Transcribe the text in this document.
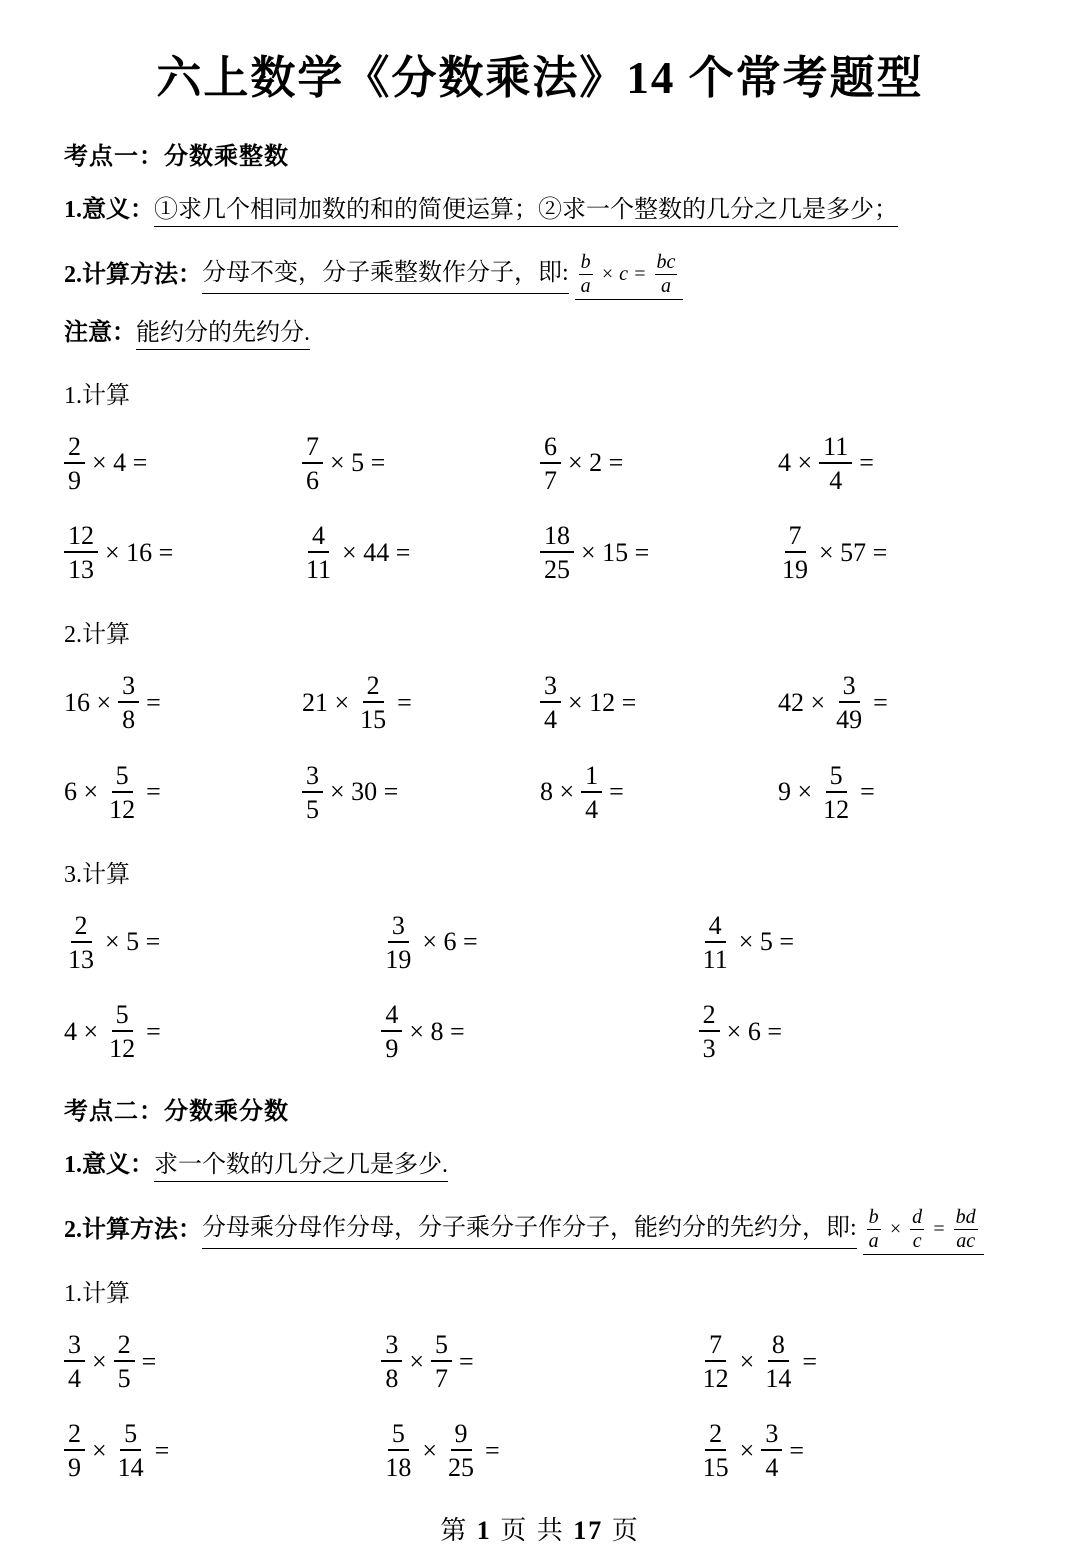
六上数学《分数乘法》14 个常考题型

考点一：分数乘整数

1.意义：①求几个相同加数的和的简便运算；②求一个整数的几分之几是多少；

2.计算方法： 分母不变，分子乘整数作分子，即: $\frac{b}{a} \times c = \frac{bc}{a}$

注意：能约分的先约分.

1.计算

$\frac{2}{9} \times 4$ =	$\frac{7}{6} \times 5$ =	$\frac{6}{7} \times 2$ =	$4 \times \frac{11}{4}$ =
$\frac{12}{13} \times 16$ =	$\frac{4}{11} \times 44$ =	$\frac{18}{25} \times 15$ =	$\frac{7}{19} \times 57$ =

2.计算

$16 \times \frac{3}{8}$ =	$21 \times \frac{2}{15}$ =	$\frac{3}{4} \times 12$ =	$42 \times \frac{3}{49}$ =
$6 \times \frac{5}{12}$ =	$\frac{3}{5} \times 30$ =	$8 \times \frac{1}{4}$ =	$9 \times \frac{5}{12}$ =

3.计算

$\frac{2}{13} \times 5$ =	$\frac{3}{19} \times 6$ =	$\frac{4}{11} \times 5$ =
$4 \times \frac{5}{12}$ =	$\frac{4}{9} \times 8$ =	$\frac{2}{3} \times 6$ =

考点二：分数乘分数

1.意义：求一个数的几分之几是多少.

2.计算方法： 分母乘分母作分母，分子乘分子作分子，能约分的先约分，即: $\frac{b}{a} \times \frac{d}{c} = \frac{bd}{ac}$

1.计算

$\frac{3}{4} \times \frac{2}{5}$ =	$\frac{3}{8} \times \frac{5}{7}$ =	$\frac{7}{12} \times \frac{8}{14}$ =
$\frac{2}{9} \times \frac{5}{14}$ =	$\frac{5}{18} \times \frac{9}{25}$ =	$\frac{2}{15} \times \frac{3}{4}$ =
第 1 页 共 17 页
